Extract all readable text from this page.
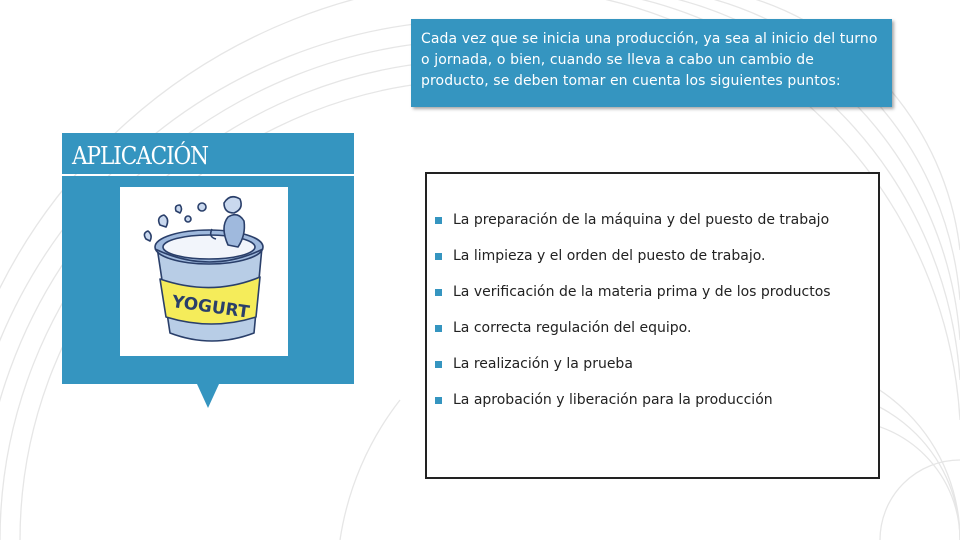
Cada vez que se inicia una producción, ya sea al inicio del turno o jornada, o bien, cuando se lleva a cabo un cambio de producto, se deben tomar en cuenta los siguientes puntos:
APLICACIÓN
YOGURT
La preparación de la máquina y del puesto de trabajo
La limpieza y el orden del puesto de trabajo.
La verificación de la materia prima y de los productos
La correcta regulación del equipo.
La realización y la prueba
La aprobación y liberación para la producción
